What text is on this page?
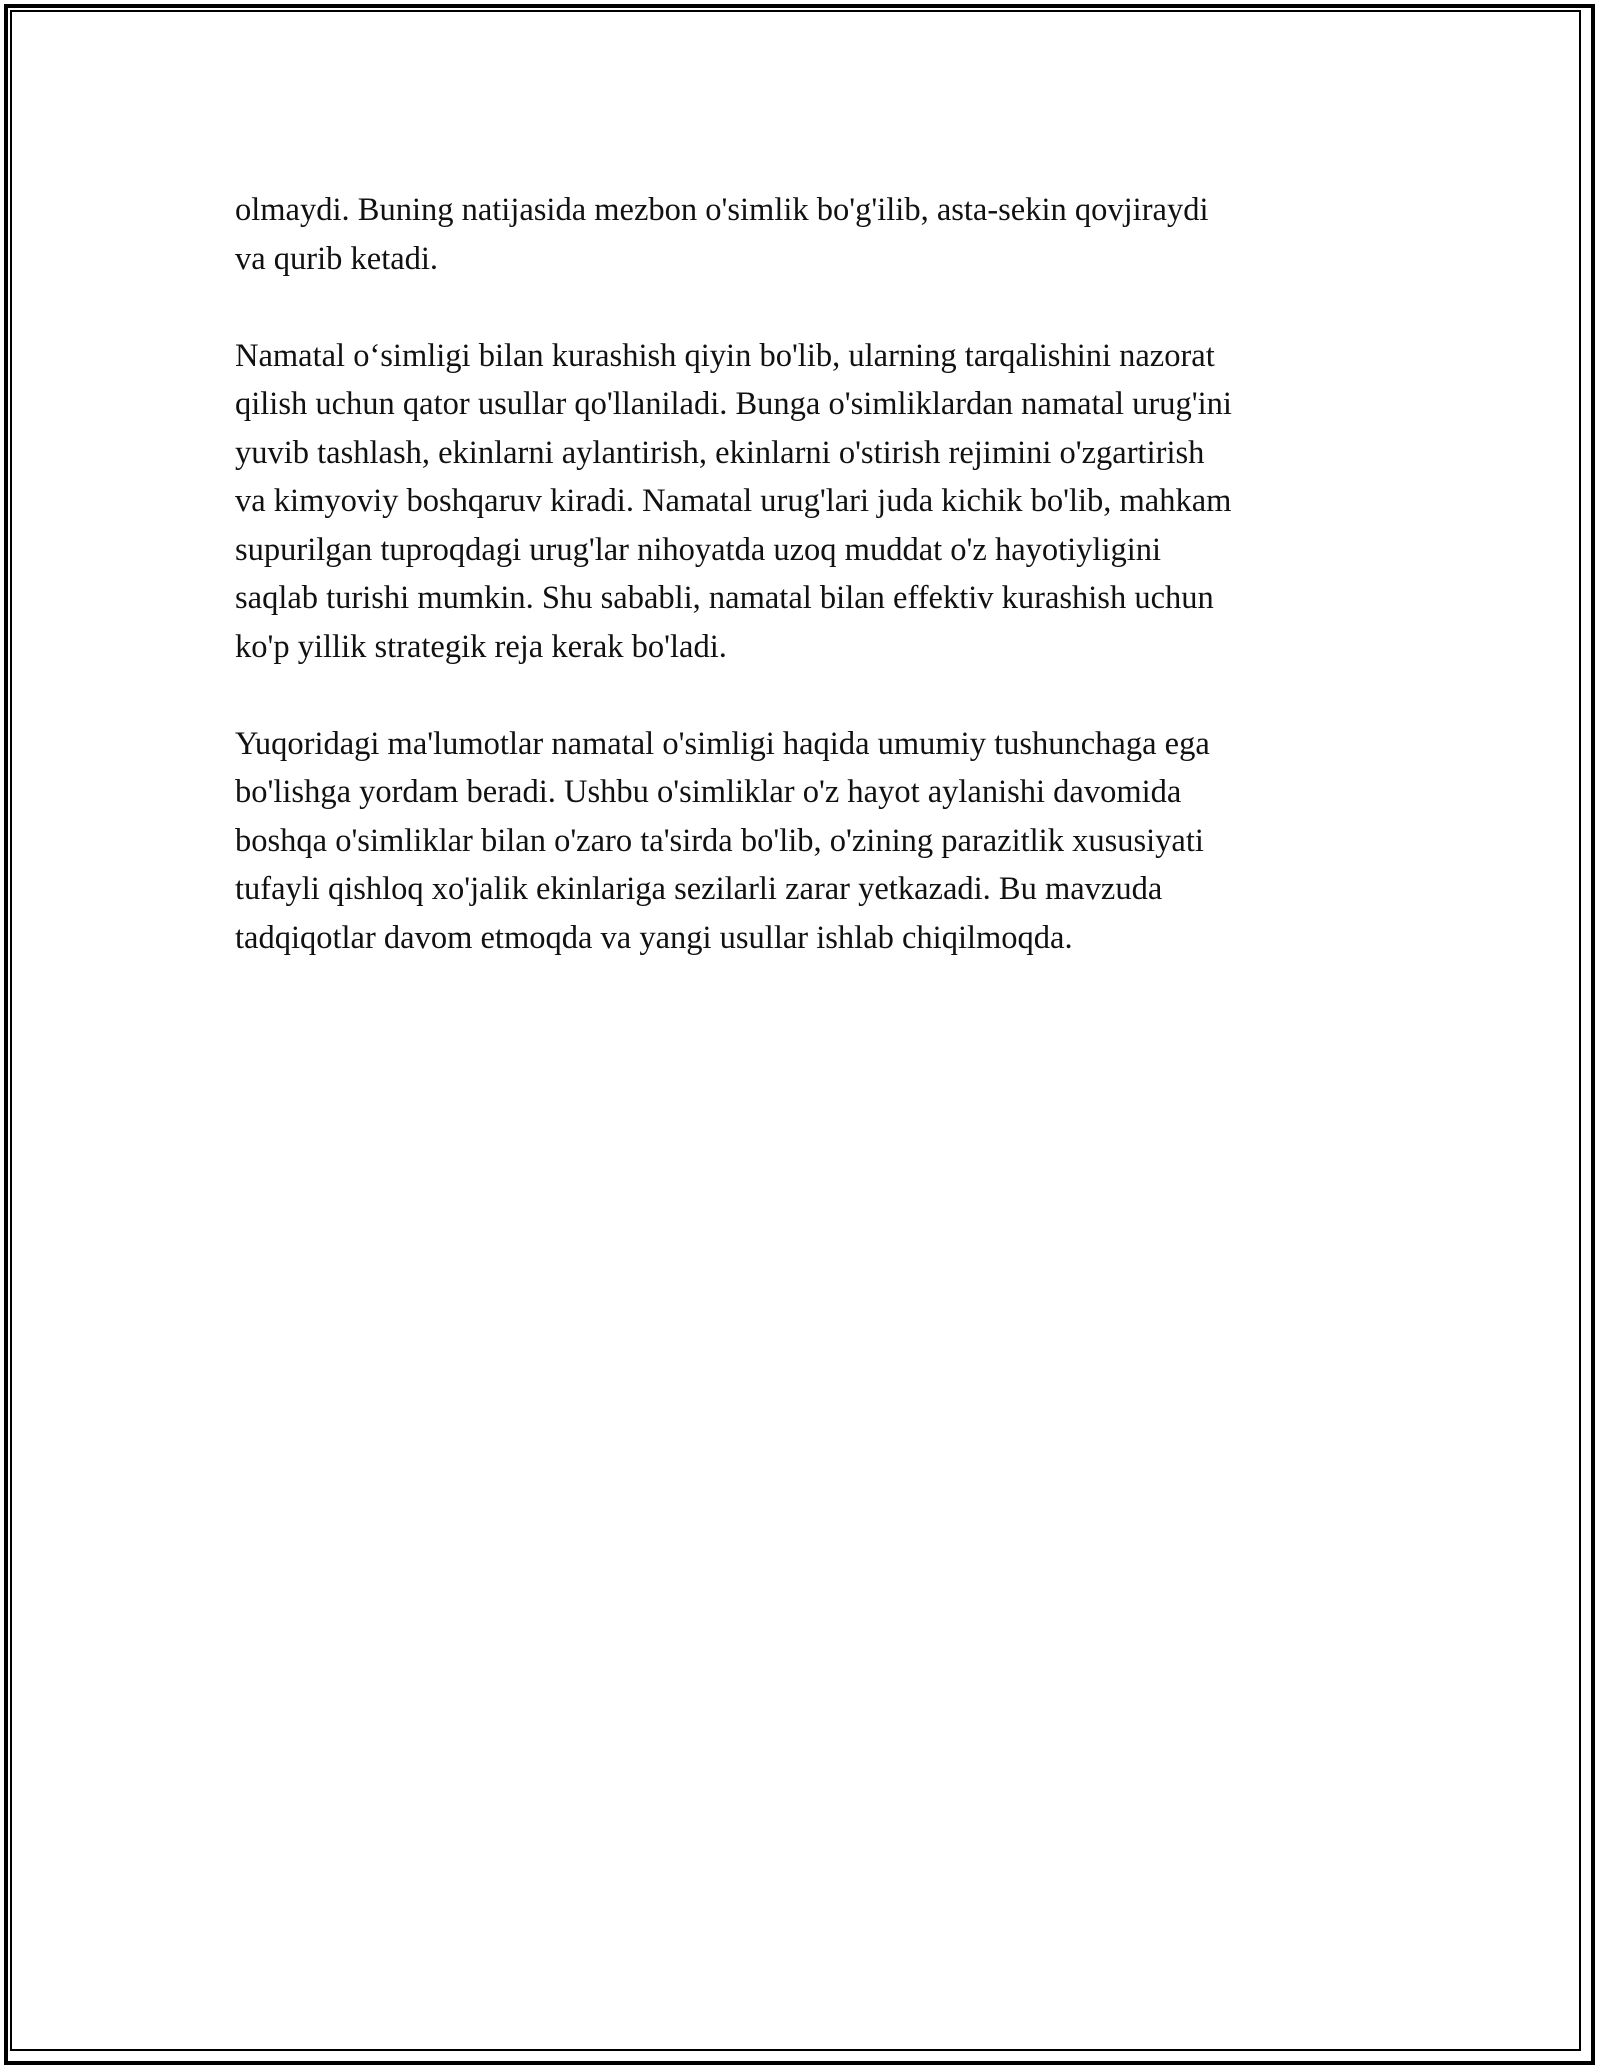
olmaydi. Buning natijasida mezbon o'simlik bo'g'ilib, asta-sekin qovjiraydi
va qurib ketadi.

Namatal o‘simligi bilan kurashish qiyin bo'lib, ularning tarqalishini nazorat
qilish uchun qator usullar qo'llaniladi. Bunga o'simliklardan namatal urug'ini
yuvib tashlash, ekinlarni aylantirish, ekinlarni o'stirish rejimini o'zgartirish
va kimyoviy boshqaruv kiradi. Namatal urug'lari juda kichik bo'lib, mahkam
supurilgan tuproqdagi urug'lar nihoyatda uzoq muddat o'z hayotiyligini
saqlab turishi mumkin. Shu sababli, namatal bilan effektiv kurashish uchun
ko'p yillik strategik reja kerak bo'ladi.

Yuqoridagi ma'lumotlar namatal o'simligi haqida umumiy tushunchaga ega
bo'lishga yordam beradi. Ushbu o'simliklar o'z hayot aylanishi davomida
boshqa o'simliklar bilan o'zaro ta'sirda bo'lib, o'zining parazitlik xususiyati
tufayli qishloq xo'jalik ekinlariga sezilarli zarar yetkazadi. Bu mavzuda
tadqiqotlar davom etmoqda va yangi usullar ishlab chiqilmoqda.
